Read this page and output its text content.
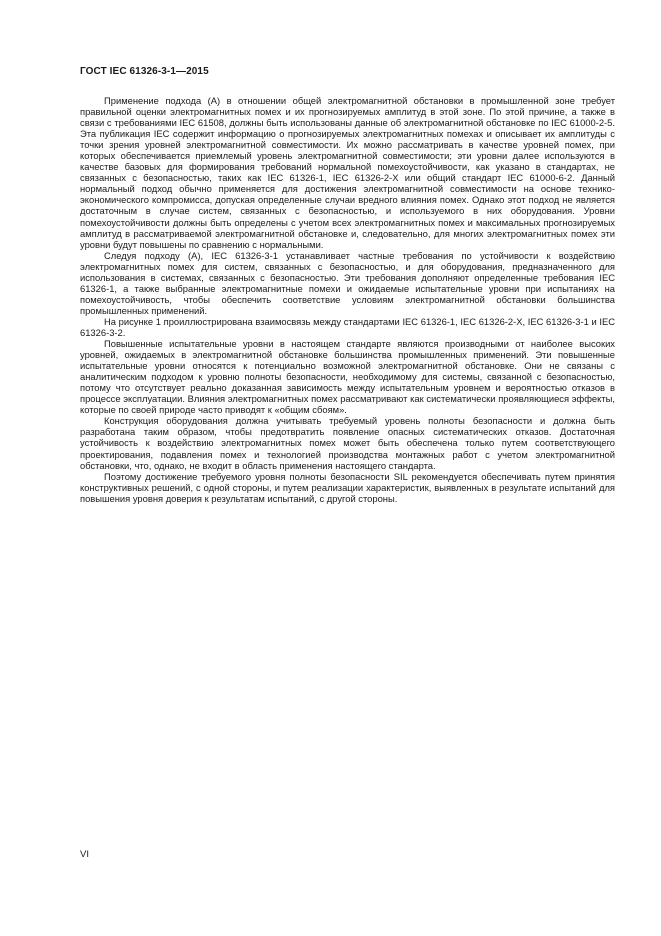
ГОСТ IEC 61326-3-1—2015

Применение подхода (А) в отношении общей электромагнитной обстановки в промышленной зоне требует правильной оценки электромагнитных помех и их прогнозируемых амплитуд в этой зоне. По этой причине, а также в связи с требованиями IEC 61508, должны быть использованы данные об электромагнитной обстановке по IEC 61000-2-5. Эта публикация IEC содержит информацию о прогнозируемых электромагнитных помехах и описывает их амплитуды с точки зрения уровней электромагнитной совместимости. Их можно рассматривать в качестве уровней помех, при которых обеспечивается приемлемый уровень электромагнитной совместимости; эти уровни далее используются в качестве базовых для формирования требований нормальной помехоустойчивости, как указано в стандартах, не связанных с безопасностью, таких как IEC 61326-1, IEC 61326-2-X или общий стандарт IEC 61000-6-2. Данный нормальный подход обычно применяется для достижения электромагнитной совместимости на основе технико-экономического компромисса, допуская определенные случаи вредного влияния помех. Однако этот подход не является достаточным в случае систем, связанных с безопасностью, и используемого в них оборудования. Уровни помехоустойчивости должны быть определены с учетом всех электромагнитных помех и максимальных прогнозируемых амплитуд в рассматриваемой электромагнитной обстановке и, следовательно, для многих электромагнитных помех эти уровни будут повышены по сравнению с нормальными.

Следуя подходу (А), IEC 61326-3-1 устанавливает частные требования по устойчивости к воздействию электромагнитных помех для систем, связанных с безопасностью, и для оборудования, предназначенного для использования в системах, связанных с безопасностью. Эти требования дополняют определенные требования IEC 61326-1, а также выбранные электромагнитные помехи и ожидаемые испытательные уровни при испытаниях на помехоустойчивость, чтобы обеспечить соответствие условиям электромагнитной обстановки большинства промышленных применений.

На рисунке 1 проиллюстрирована взаимосвязь между стандартами IEC 61326-1, IEC 61326-2-X, IEC 61326-3-1 и IEC 61326-3-2.

Повышенные испытательные уровни в настоящем стандарте являются производными от наиболее высоких уровней, ожидаемых в электромагнитной обстановке большинства промышленных применений. Эти повышенные испытательные уровни относятся к потенциально возможной электромагнитной обстановке. Они не связаны с аналитическим подходом к уровню полноты безопасности, необходимому для системы, связанной с безопасностью, потому что отсутствует реально доказанная зависимость между испытательным уровнем и вероятностью отказов в процессе эксплуатации. Влияния электромагнитных помех рассматривают как систематически проявляющиеся эффекты, которые по своей природе часто приводят к «общим сбоям».

Конструкция оборудования должна учитывать требуемый уровень полноты безопасности и должна быть разработана таким образом, чтобы предотвратить появление опасных систематических отказов. Достаточная устойчивость к воздействию электромагнитных помех может быть обеспечена только путем соответствующего проектирования, подавления помех и технологией производства монтажных работ с учетом электромагнитной обстановки, что, однако, не входит в область применения настоящего стандарта.

Поэтому достижение требуемого уровня полноты безопасности SIL рекомендуется обеспечивать путем принятия конструктивных решений, с одной стороны, и путем реализации характеристик, выявленных в результате испытаний для повышения уровня доверия к результатам испытаний, с другой стороны.

VI
